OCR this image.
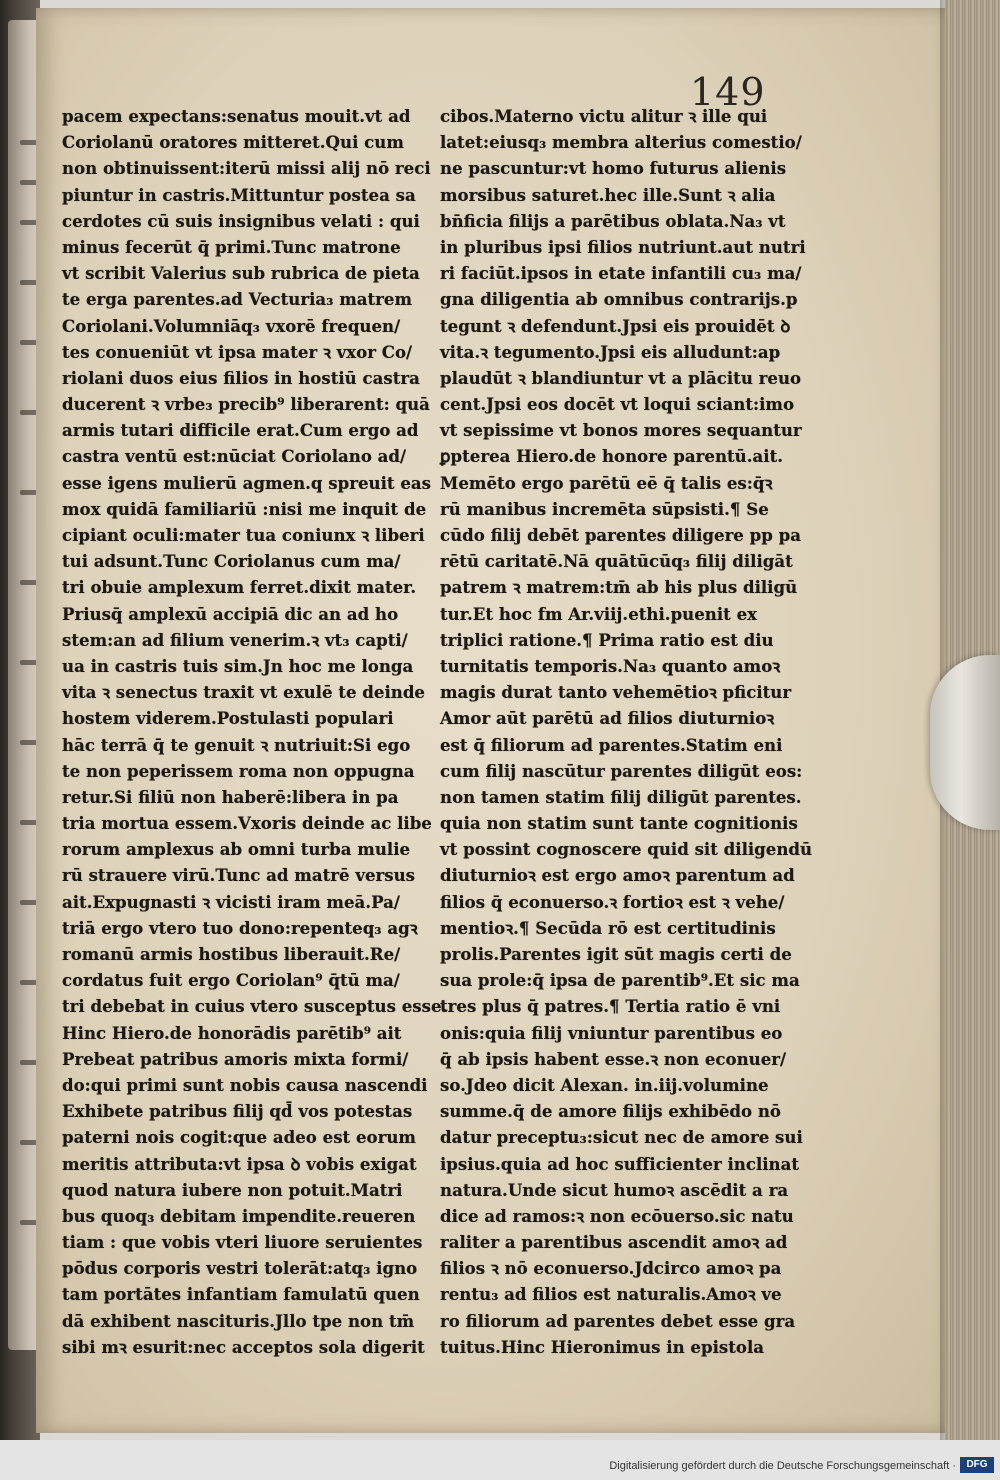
149
pacem expectans:senatus mouit.vt ad
Coriolanū oratores mitteret.Qui cum
non obtinuissent:iterū missi alij nō reci
piuntur in castris.Mittuntur postea sa
cerdotes cū suis insignibus velati : qui
minus fecerūt q̄ primi.Tunc matrone
vt scribit Valerius sub rubrica de pieta
te erga parentes.ad Vecturia₃ matrem
Coriolani.Volumniāq₃ vxorē frequen/
tes conueniūt vt ipsa mater ꝛ vxor Co/
riolani duos eius filios in hostiū castra
ducerent ꝛ vrbe₃ precib⁹ liberarent: quā
armis tutari difficile erat.Cum ergo ad
castra ventū est:nūciat Coriolano ad/
esse igens mulierū agmen.q spreuit eas
mox quidā familiariū :nisi me inquit de
cipiant oculi:mater tua coniunx ꝛ liberi
tui adsunt.Tunc Coriolanus cum ma/
tri obuie amplexum ferret.dixit mater.
Priusq̄ amplexū accipiā dic an ad ho
stem:an ad filium venerim.ꝛ vt₃ capti/
ua in castris tuis sim.Jn hoc me longa
vita ꝛ senectus traxit vt exulē te deinde
hostem viderem.Postulasti populari
hāc terrā q̄ te genuit ꝛ nutriuit:Si ego
te non peperissem roma non oppugna
retur.Si filiū non haberē:libera in pa
tria mortua essem.Vxoris deinde ac libe
rorum amplexus ab omni turba mulie
rū strauere virū.Tunc ad matrē versus
ait.Expugnasti ꝛ vicisti iram meā.Pa/
triā ergo vtero tuo dono:repenteq₃ agꝛ
romanū armis hostibus liberauit.Re/
cordatus fuit ergo Coriolan⁹ q̄tū ma/
tri debebat in cuius vtero susceptus esse.
Hinc Hiero.de honorādis parētib⁹ ait
Prebeat patribus amoris mixta formi/
do:qui primi sunt nobis causa nascendi
Exhibete patribus filij qd̄ vos potestas
paterni nois cogit:que adeo est eorum
meritis attributa:vt ipsa ꝺ vobis exigat
quod natura iubere non potuit.Matri
bus quoq₃ debitam impendite.reueren
tiam : que vobis vteri liuore seruientes
pōdus corporis vestri tolerāt:atq₃ igno
tam portātes infantiam famulatū quen
dā exhibent nascituris.Jllo tpe non tm̄
sibi mꝛ esurit:nec acceptos sola digerit
cibos.Materno victu alitur ꝛ ille qui
latet:eiusq₃ membra alterius comestio/
ne pascuntur:vt homo futurus alienis
morsibus saturet.hec ille.Sunt ꝛ alia
bn̄ficia filijs a parētibus oblata.Na₃ vt
in pluribus ipsi filios nutriunt.aut nutri
ri faciūt.ipsos in etate infantili cu₃ ma/
gna diligentia ab omnibus contrarijs.p
tegunt ꝛ defendunt.Jpsi eis prouidēt ꝺ
vita.ꝛ tegumento.Jpsi eis alludunt:ap
plaudūt ꝛ blandiuntur vt a plācitu reuo
cent.Jpsi eos docēt vt loqui sciant:imo
vt sepissime vt bonos mores sequantur
ꝑpterea Hiero.de honore parentū.ait.
Memēto ergo parētū eē q̄ talis es:q̄ꝛ
rū manibus incremēta sūpsisti.¶ Se
cūdo filij debēt parentes diligere pp pa
rētū caritatē.Nā quātūcūq₃ filij diligāt
patrem ꝛ matrem:tm̄ ab his plus diligū
tur.Et hoc fm Ar.viij.ethi.puenit ex
triplici ratione.¶ Prima ratio est diu
turnitatis temporis.Na₃ quanto amoꝛ
magis durat tanto vehemētioꝛ pficitur
Amor aūt parētū ad filios diuturnioꝛ
est q̄ filiorum ad parentes.Statim eni
cum filij nascūtur parentes diligūt eos:
non tamen statim filij diligūt parentes.
quia non statim sunt tante cognitionis
vt possint cognoscere quid sit diligendū
diuturnioꝛ est ergo amoꝛ parentum ad
filios q̄ econuerso.ꝛ fortioꝛ est ꝛ vehe/
mentioꝛ.¶ Secūda rō est certitudinis
prolis.Parentes igit sūt magis certi de
sua prole:q̄ ipsa de parentib⁹.Et sic ma
tres plus q̄ patres.¶ Tertia ratio ē vni
onis:quia filij vniuntur parentibus eo
q̄ ab ipsis habent esse.ꝛ non econuer/
so.Jdeo dicit Alexan. in.iij.volumine
summe.q̄ de amore filijs exhibēdo nō
datur preceptu₃:sicut nec de amore sui
ipsius.quia ad hoc sufficienter inclinat
natura.Unde sicut humoꝛ ascēdit a ra
dice ad ramos:ꝛ non ecōuerso.sic natu
raliter a parentibus ascendit amoꝛ ad
filios ꝛ nō econuerso.Jdcirco amoꝛ pa
rentu₃ ad filios est naturalis.Amoꝛ ve
ro filiorum ad parentes debet esse gra
tuitus.Hinc Hieronimus in epistola
Digitalisierung gefördert durch die Deutsche Forschungsgemeinschaft ·	DFG
